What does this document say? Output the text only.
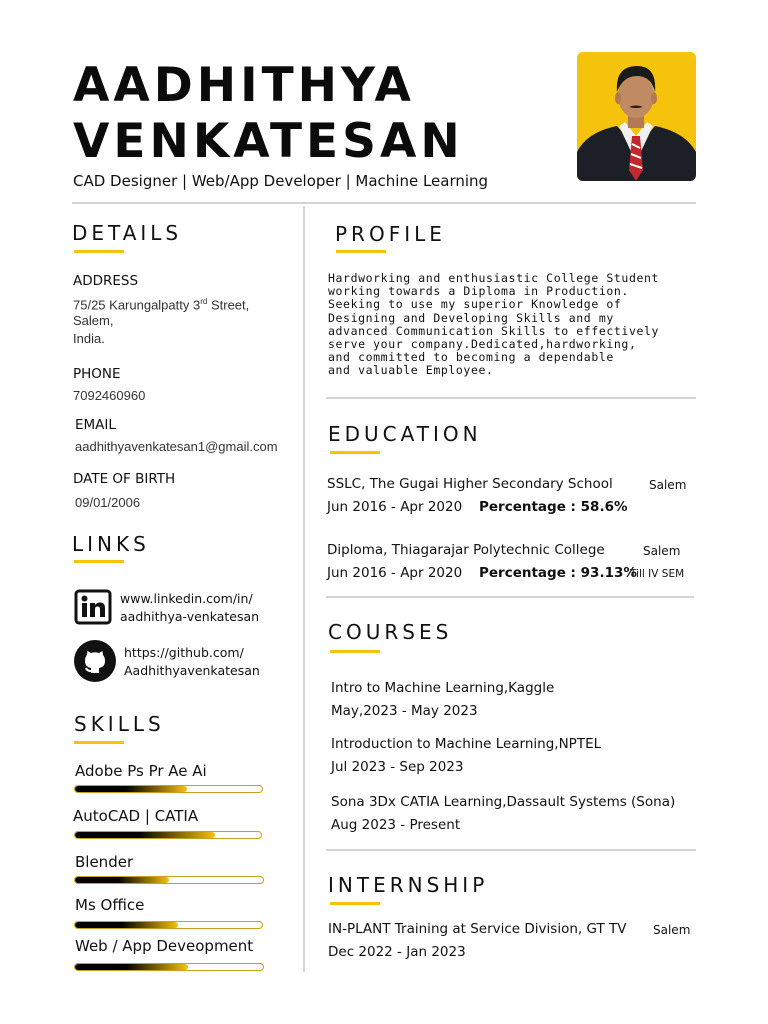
AADHITHYA
VENKATESAN
CAD Designer | Web/App Developer | Machine Learning
DETAILS
ADDRESS
75/25 Karungalpatty 3rd Street,
Salem,
India.
PHONE
7092460960
EMAIL
aadhithyavenkatesan1@gmail.com
DATE OF BIRTH
09/01/2006
LINKS
www.linkedin.com/in/
aadhithya-venkatesan
https://github.com/
Aadhithyavenkatesan
SKILLS
Adobe Ps Pr Ae Ai
AutoCAD | CATIA
Blender
Ms Office
Web / App Deveopment
PROFILE
Hardworking and enthusiastic College Student
working towards a Diploma in Production.
Seeking to use my superior Knowledge of
Designing and Developing Skills and my
advanced Communication Skills to effectively
serve your company.Dedicated,hardworking,
and committed to becoming a dependable
and valuable Employee.
EDUCATION
SSLC, The Gugai Higher Secondary School	Salem
Jun 2016 - Apr 2020 Percentage : 58.6%
Diploma, Thiagarajar Polytechnic College	Salem
Jun 2016 - Apr 2020 Percentage : 93.13%
Till IV SEM
COURSES
Intro to Machine Learning,Kaggle
May,2023 - May 2023
Introduction to Machine Learning,NPTEL
Jul 2023 - Sep 2023
Sona 3Dx CATIA Learning,Dassault Systems (Sona)
Aug 2023 - Present
INTERNSHIP
IN-PLANT Training at Service Division, GT TV Salem
Dec 2022 - Jan 2023
